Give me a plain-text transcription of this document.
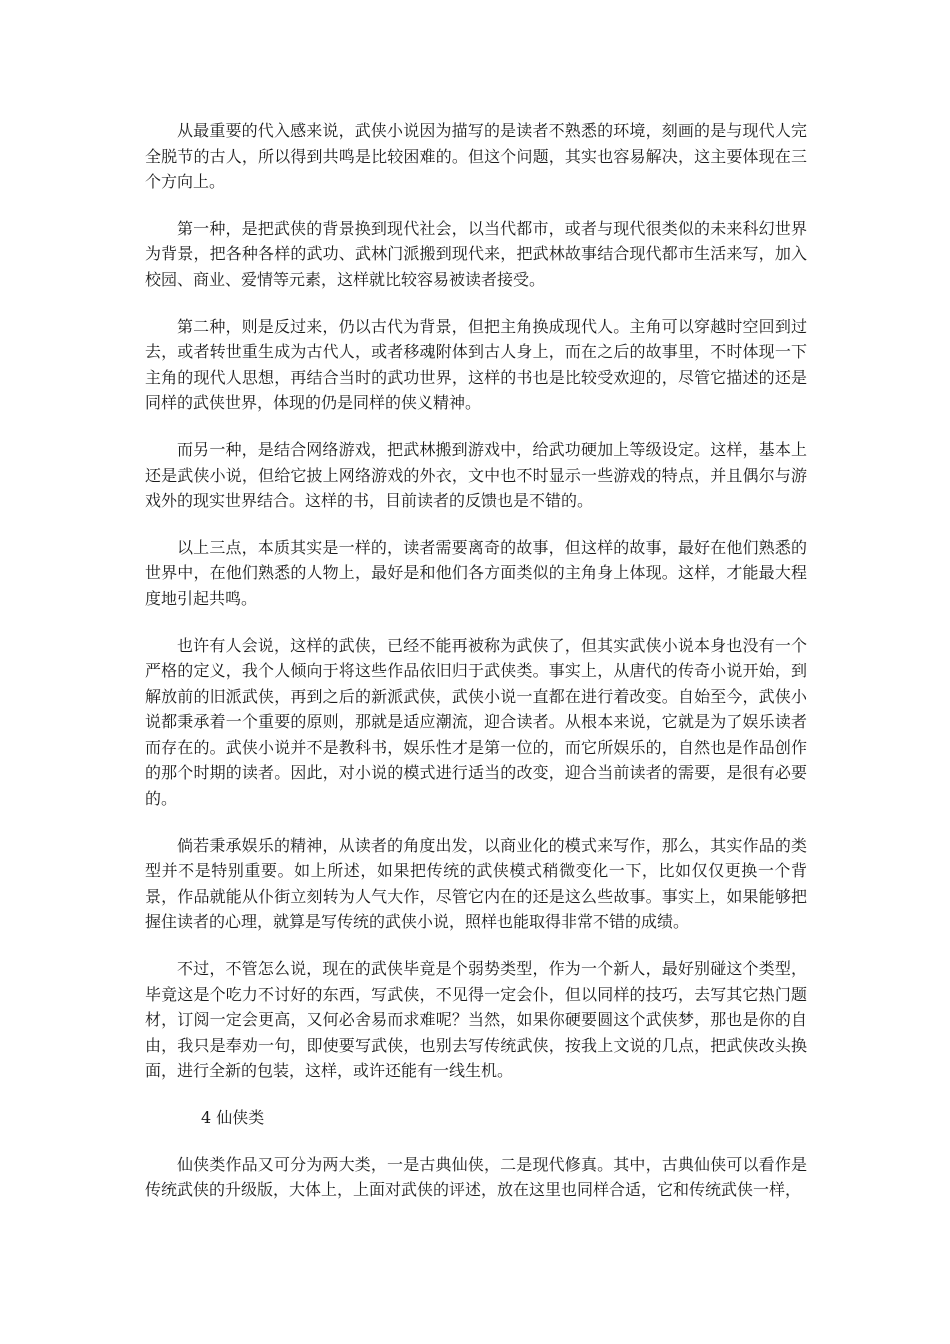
从最重要的代入感来说，武侠小说因为描写的是读者不熟悉的环境，刻画的是与现代人完全脱节的古人，所以得到共鸣是比较困难的。但这个问题，其实也容易解决，这主要体现在三个方向上。

第一种，是把武侠的背景换到现代社会，以当代都市，或者与现代很类似的未来科幻世界为背景，把各种各样的武功、武林门派搬到现代来，把武林故事结合现代都市生活来写，加入校园、商业、爱情等元素，这样就比较容易被读者接受。

第二种，则是反过来，仍以古代为背景，但把主角换成现代人。主角可以穿越时空回到过去，或者转世重生成为古代人，或者移魂附体到古人身上，而在之后的故事里，不时体现一下主角的现代人思想，再结合当时的武功世界，这样的书也是比较受欢迎的，尽管它描述的还是同样的武侠世界，体现的仍是同样的侠义精神。

而另一种，是结合网络游戏，把武林搬到游戏中，给武功硬加上等级设定。这样，基本上还是武侠小说，但给它披上网络游戏的外衣，文中也不时显示一些游戏的特点，并且偶尔与游戏外的现实世界结合。这样的书，目前读者的反馈也是不错的。

以上三点，本质其实是一样的，读者需要离奇的故事，但这样的故事，最好在他们熟悉的世界中，在他们熟悉的人物上，最好是和他们各方面类似的主角身上体现。这样，才能最大程度地引起共鸣。

也许有人会说，这样的武侠，已经不能再被称为武侠了，但其实武侠小说本身也没有一个严格的定义，我个人倾向于将这些作品依旧归于武侠类。事实上，从唐代的传奇小说开始，到解放前的旧派武侠，再到之后的新派武侠，武侠小说一直都在进行着改变。自始至今，武侠小说都秉承着一个重要的原则，那就是适应潮流，迎合读者。从根本来说，它就是为了娱乐读者而存在的。武侠小说并不是教科书，娱乐性才是第一位的，而它所娱乐的，自然也是作品创作的那个时期的读者。因此，对小说的模式进行适当的改变，迎合当前读者的需要，是很有必要的。

倘若秉承娱乐的精神，从读者的角度出发，以商业化的模式来写作，那么，其实作品的类型并不是特别重要。如上所述，如果把传统的武侠模式稍微变化一下，比如仅仅更换一个背景，作品就能从仆街立刻转为人气大作，尽管它内在的还是这么些故事。事实上，如果能够把握住读者的心理，就算是写传统的武侠小说，照样也能取得非常不错的成绩。

不过，不管怎么说，现在的武侠毕竟是个弱势类型，作为一个新人，最好别碰这个类型，毕竟这是个吃力不讨好的东西，写武侠，不见得一定会仆，但以同样的技巧，去写其它热门题材，订阅一定会更高，又何必舍易而求难呢？当然，如果你硬要圆这个武侠梦，那也是你的自由，我只是奉劝一句，即使要写武侠，也别去写传统武侠，按我上文说的几点，把武侠改头换面，进行全新的包装，这样，或许还能有一线生机。

4 仙侠类

仙侠类作品又可分为两大类，一是古典仙侠，二是现代修真。其中，古典仙侠可以看作是传统武侠的升级版，大体上，上面对武侠的评述，放在这里也同样合适，它和传统武侠一样，
